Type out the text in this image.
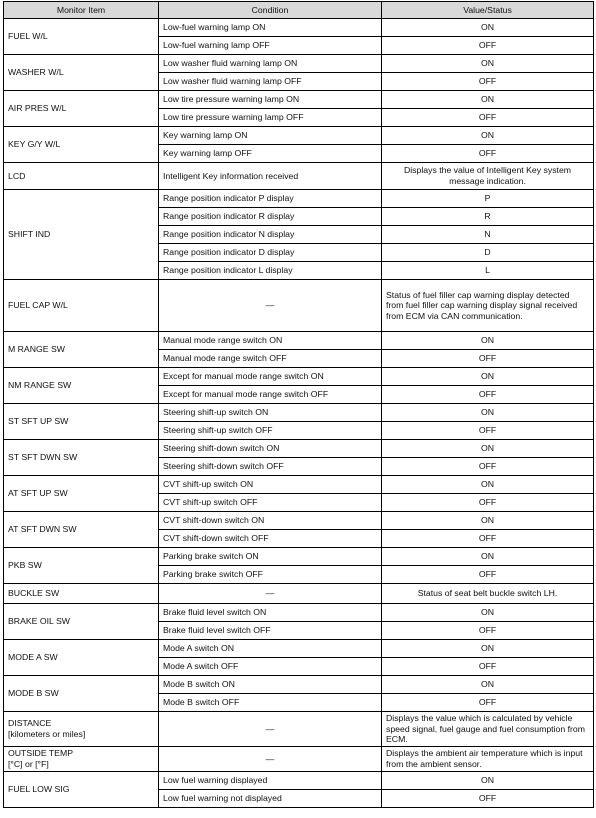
Monitor Item	Condition	Value/Status
FUEL W/L	Low-fuel warning lamp ON	ON
	Low-fuel warning lamp OFF	OFF
WASHER W/L	Low washer fluid warning lamp ON	ON
	Low washer fluid warning lamp OFF	OFF
AIR PRES W/L	Low tire pressure warning lamp ON	ON
	Low tire pressure warning lamp OFF	OFF
KEY G/Y W/L	Key warning lamp ON	ON
	Key warning lamp OFF	OFF
LCD	Intelligent Key information received	Displays the value of Intelligent Key system message indication.
SHIFT IND	Range position indicator P display	P
	Range position indicator R display	R
	Range position indicator N display	N
	Range position indicator D display	D
	Range position indicator L display	L
FUEL CAP W/L	—	Status of fuel filler cap warning display detected from fuel filler cap warning display signal received from ECM via CAN communication.
M RANGE SW	Manual mode range switch ON	ON
	Manual mode range switch OFF	OFF
NM RANGE SW	Except for manual mode range switch ON	ON
	Except for manual mode range switch OFF	OFF
ST SFT UP SW	Steering shift-up switch ON	ON
	Steering shift-up switch OFF	OFF
ST SFT DWN SW	Steering shift-down switch ON	ON
	Steering shift-down switch OFF	OFF
AT SFT UP SW	CVT shift-up switch ON	ON
	CVT shift-up switch OFF	OFF
AT SFT DWN SW	CVT shift-down switch ON	ON
	CVT shift-down switch OFF	OFF
PKB SW	Parking brake switch ON	ON
	Parking brake switch OFF	OFF
BUCKLE SW	—	Status of seat belt buckle switch LH.
BRAKE OIL SW	Brake fluid level switch ON	ON
	Brake fluid level switch OFF	OFF
MODE A SW	Mode A switch ON	ON
	Mode A switch OFF	OFF
MODE B SW	Mode B switch ON	ON
	Mode B switch OFF	OFF
DISTANCE
[kilometers or miles]	—	Displays the value which is calculated by vehicle speed signal, fuel gauge and fuel consumption from ECM.
OUTSIDE TEMP
[°C] or [°F]	—	Displays the ambient air temperature which is input from the ambient sensor.
FUEL LOW SIG	Low fuel warning displayed	ON
	Low fuel warning not displayed	OFF
